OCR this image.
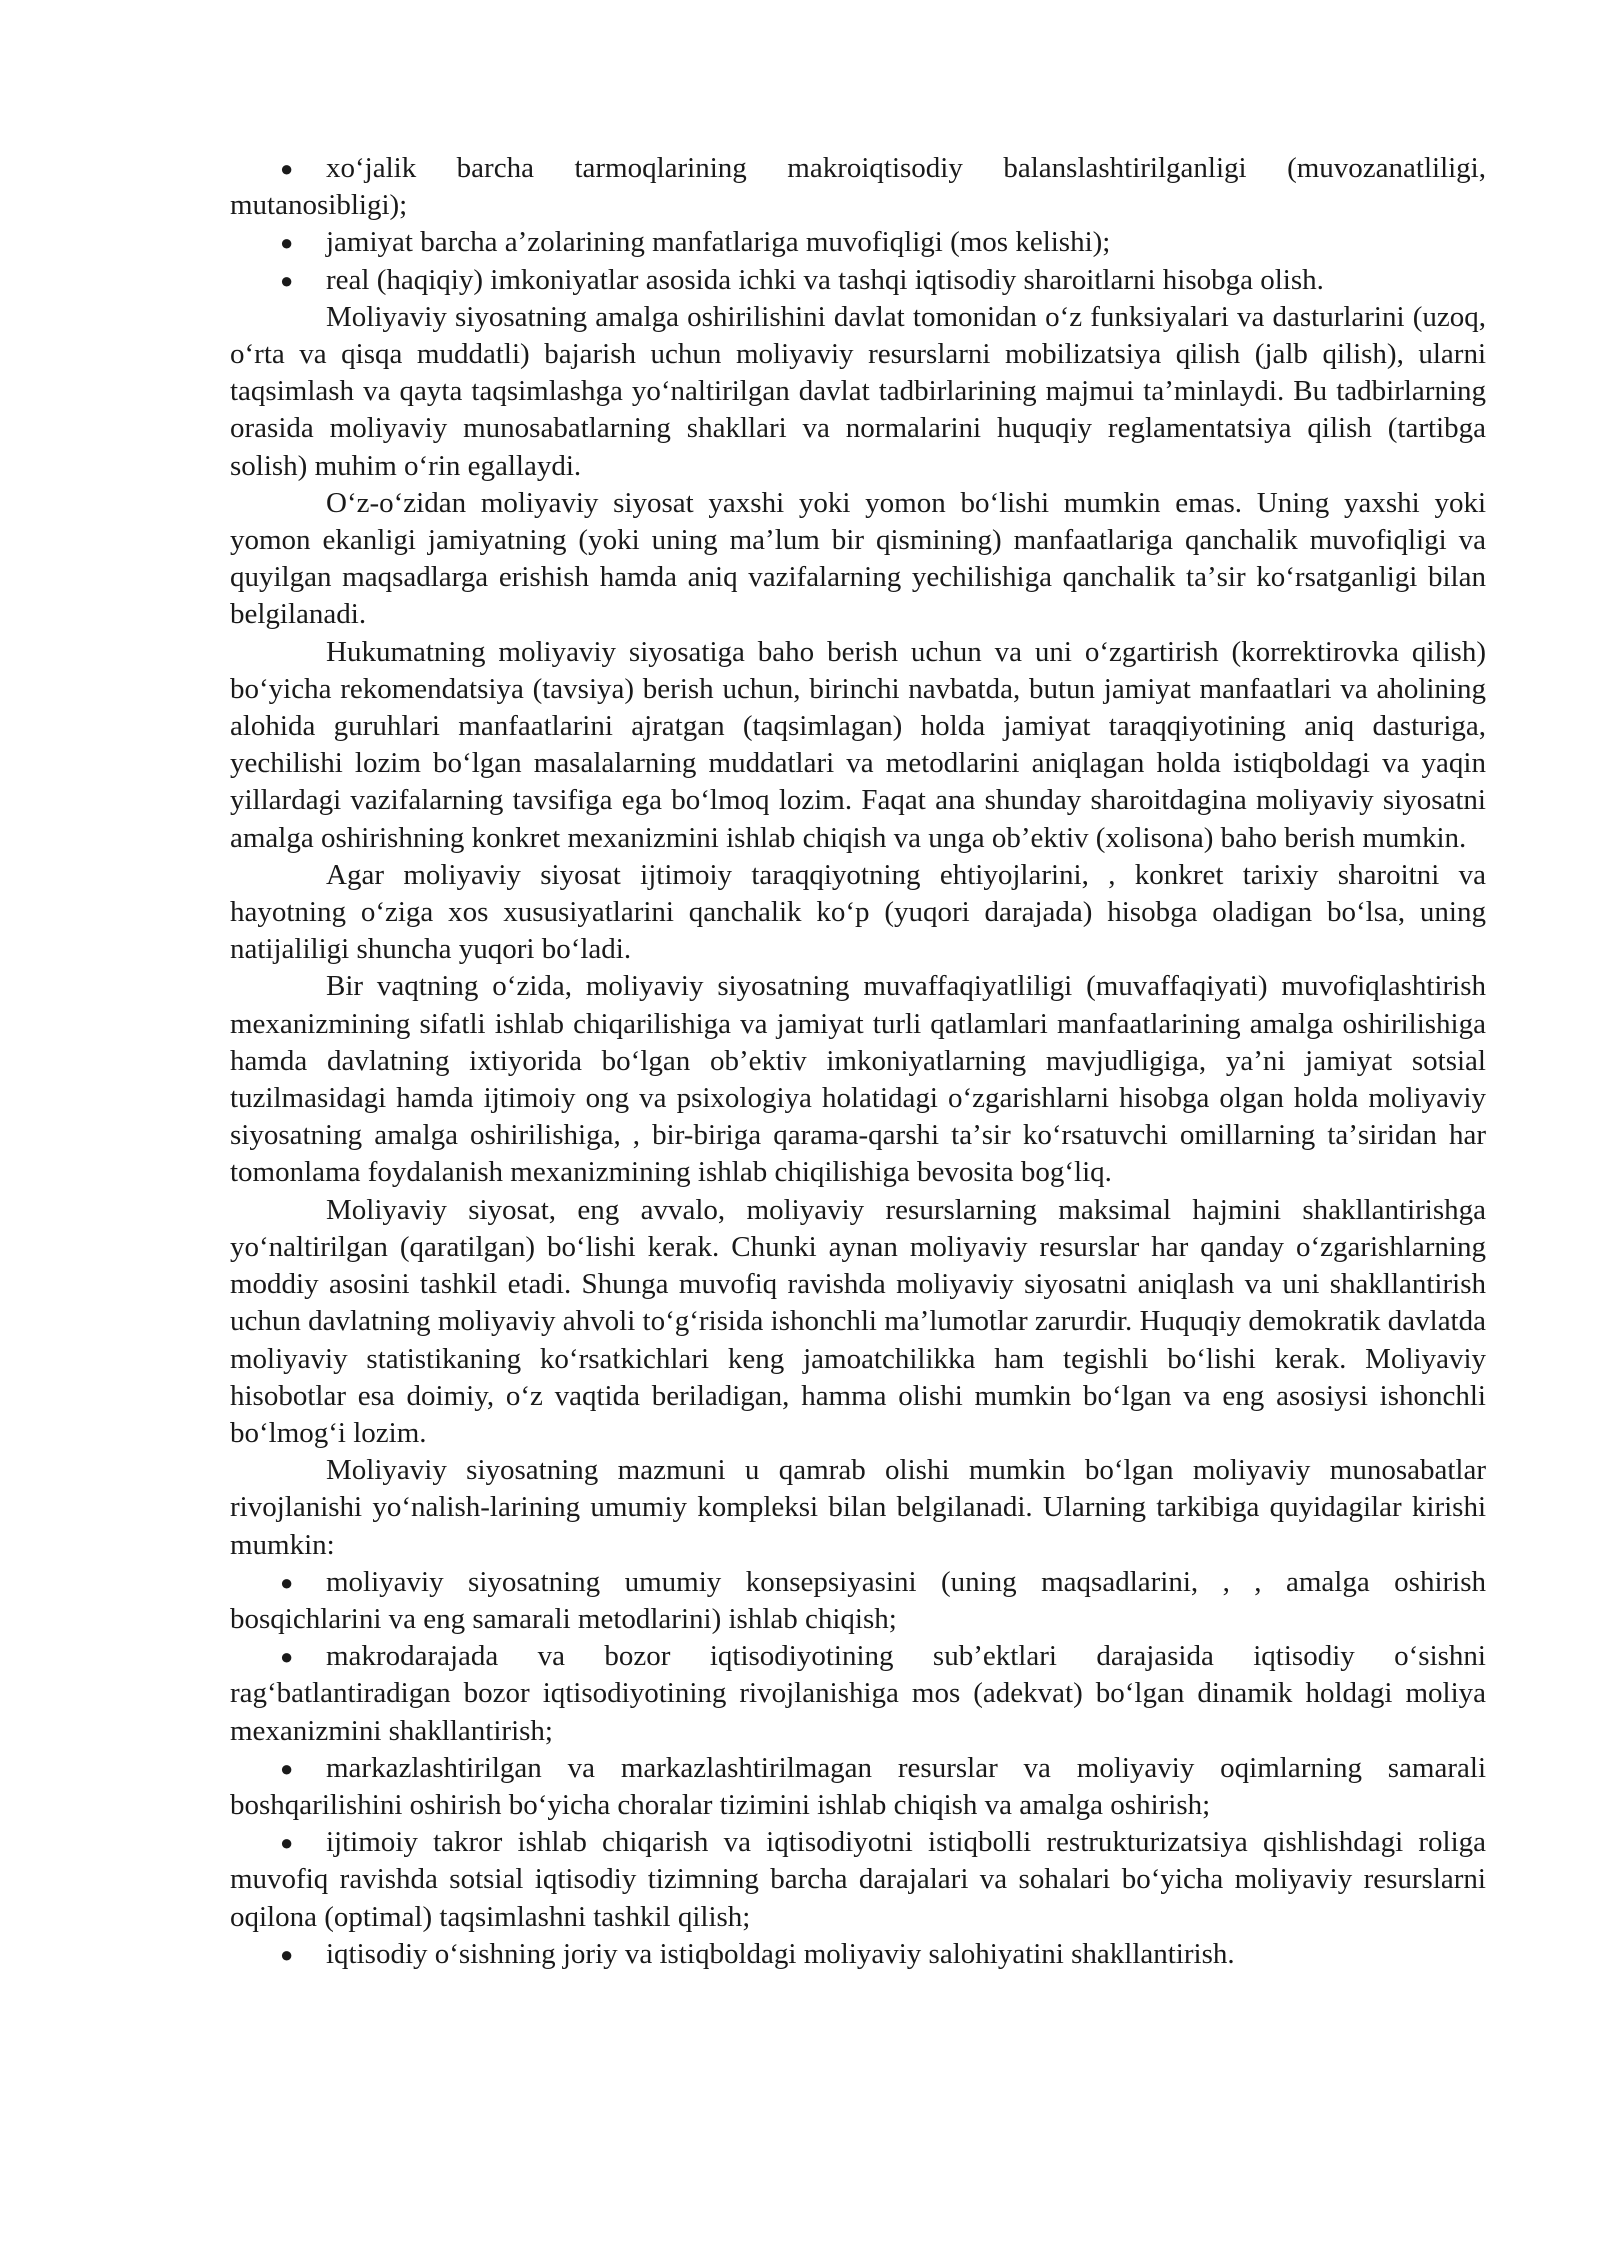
● xoʻjalik barcha tarmoqlarining makroiqtisodiy balanslashtirilganligi (muvozanatliligi, mutanosibligi);
● jamiyat barcha aʼzolarining manfatlariga muvofiqligi (mos kelishi);
● real (haqiqiy) imkoniyatlar asosida ichki va tashqi iqtisodiy sharoitlarni hisobga olish.

Moliyaviy siyosatning amalga oshirilishini davlat tomonidan oʻz funksiyalari va dasturlarini (uzoq, oʻrta va qisqa muddatli) bajarish uchun moliyaviy resurslarni mobilizatsiya qilish (jalb qilish), ularni taqsimlash va qayta taqsimlashga yoʻnaltirilgan davlat tadbirlarining majmui taʼminlaydi. Bu tadbirlarning orasida moliyaviy munosabatlarning shakllari va normalarini huquqiy reglamentatsiya qilish (tartibga solish) muhim oʻrin egallaydi.

Oʻz-oʻzidan moliyaviy siyosat yaxshi yoki yomon boʻlishi mumkin emas. Uning yaxshi yoki yomon ekanligi jamiyatning (yoki uning maʼlum bir qismining) manfaatlariga qanchalik muvofiqligi va quyilgan maqsadlarga erishish hamda aniq vazifalarning yechilishiga qanchalik taʼsir koʻrsatganligi bilan belgilanadi.

Hukumatning moliyaviy siyosatiga baho berish uchun va uni oʻzgartirish (korrektirovka qilish) boʻyicha rekomendatsiya (tavsiya) berish uchun, birinchi navbatda, butun jamiyat manfaatlari va aholining alohida guruhlari manfaatlarini ajratgan (taqsimlagan) holda jamiyat taraqqiyotining aniq dasturiga, yechilishi lozim boʻlgan masalalarning muddatlari va metodlarini aniqlagan holda istiqboldagi va yaqin yillardagi vazifalarning tavsifiga ega boʻlmoq lozim. Faqat ana shunday sharoitdagina moliyaviy siyosatni amalga oshirishning konkret mexanizmini ishlab chiqish va unga obʼektiv (xolisona) baho berish mumkin.

Agar moliyaviy siyosat ijtimoiy taraqqiyotning ehtiyojlarini, , konkret tarixiy sharoitni va hayotning oʻziga xos xususiyatlarini qanchalik koʻp (yuqori darajada) hisobga oladigan boʻlsa, uning natijaliligi shuncha yuqori boʻladi.

Bir vaqtning oʻzida, moliyaviy siyosatning muvaffaqiyatliligi (muvaffaqiyati) muvofiqlashtirish mexanizmining sifatli ishlab chiqarilishiga va jamiyat turli qatlamlari manfaatlarining amalga oshirilishiga hamda davlatning ixtiyorida boʻlgan obʼektiv imkoniyatlarning mavjudligiga, yaʼni jamiyat sotsial tuzilmasidagi hamda ijtimoiy ong va psixologiya holatidagi oʻzgarishlarni hisobga olgan holda moliyaviy siyosatning amalga oshirilishiga, , bir-biriga qarama-qarshi taʼsir koʻrsatuvchi omillarning taʼsiridan har tomonlama foydalanish mexanizmining ishlab chiqilishiga bevosita bogʻliq.

Moliyaviy siyosat, eng avvalo, moliyaviy resurslarning maksimal hajmini shakllantirishga yoʻnaltirilgan (qaratilgan) boʻlishi kerak. Chunki aynan moliyaviy resurslar har qanday oʻzgarishlarning moddiy asosini tashkil etadi. Shunga muvofiq ravishda moliyaviy siyosatni aniqlash va uni shakllantirish uchun davlatning moliyaviy ahvoli toʻgʻrisida ishonchli maʼlumotlar zarurdir. Huquqiy demokratik davlatda moliyaviy statistikaning koʻrsatkichlari keng jamoatchilikka ham tegishli boʻlishi kerak. Moliyaviy hisobotlar esa doimiy, oʻz vaqtida beriladigan, hamma olishi mumkin boʻlgan va eng asosiysi ishonchli boʻlmogʻi lozim.

Moliyaviy siyosatning mazmuni u qamrab olishi mumkin boʻlgan moliyaviy munosabatlar rivojlanishi yoʻnalish-larining umumiy kompleksi bilan belgilanadi. Ularning tarkibiga quyidagilar kirishi mumkin:

● moliyaviy siyosatning umumiy konsepsiyasini (uning maqsadlarini, , , amalga oshirish bosqichlarini va eng samarali metodlarini) ishlab chiqish;
● makrodarajada va bozor iqtisodiyotining subʼektlari darajasida iqtisodiy oʻsishni ragʻbatlantiradigan bozor iqtisodiyotining rivojlanishiga mos (adekvat) boʻlgan dinamik holdagi moliya mexanizmini shakllantirish;
● markazlashtirilgan va markazlashtirilmagan resurslar va moliyaviy oqimlarning samarali boshqarilishini oshirish boʻyicha choralar tizimini ishlab chiqish va amalga oshirish;
● ijtimoiy takror ishlab chiqarish va iqtisodiyotni istiqbolli restrukturizatsiya qishlishdagi roliga muvofiq ravishda sotsial iqtisodiy tizimning barcha darajalari va sohalari boʻyicha moliyaviy resurslarni oqilona (optimal) taqsimlashni tashkil qilish;
● iqtisodiy oʻsishning joriy va istiqboldagi moliyaviy salohiyatini shakllantirish.
